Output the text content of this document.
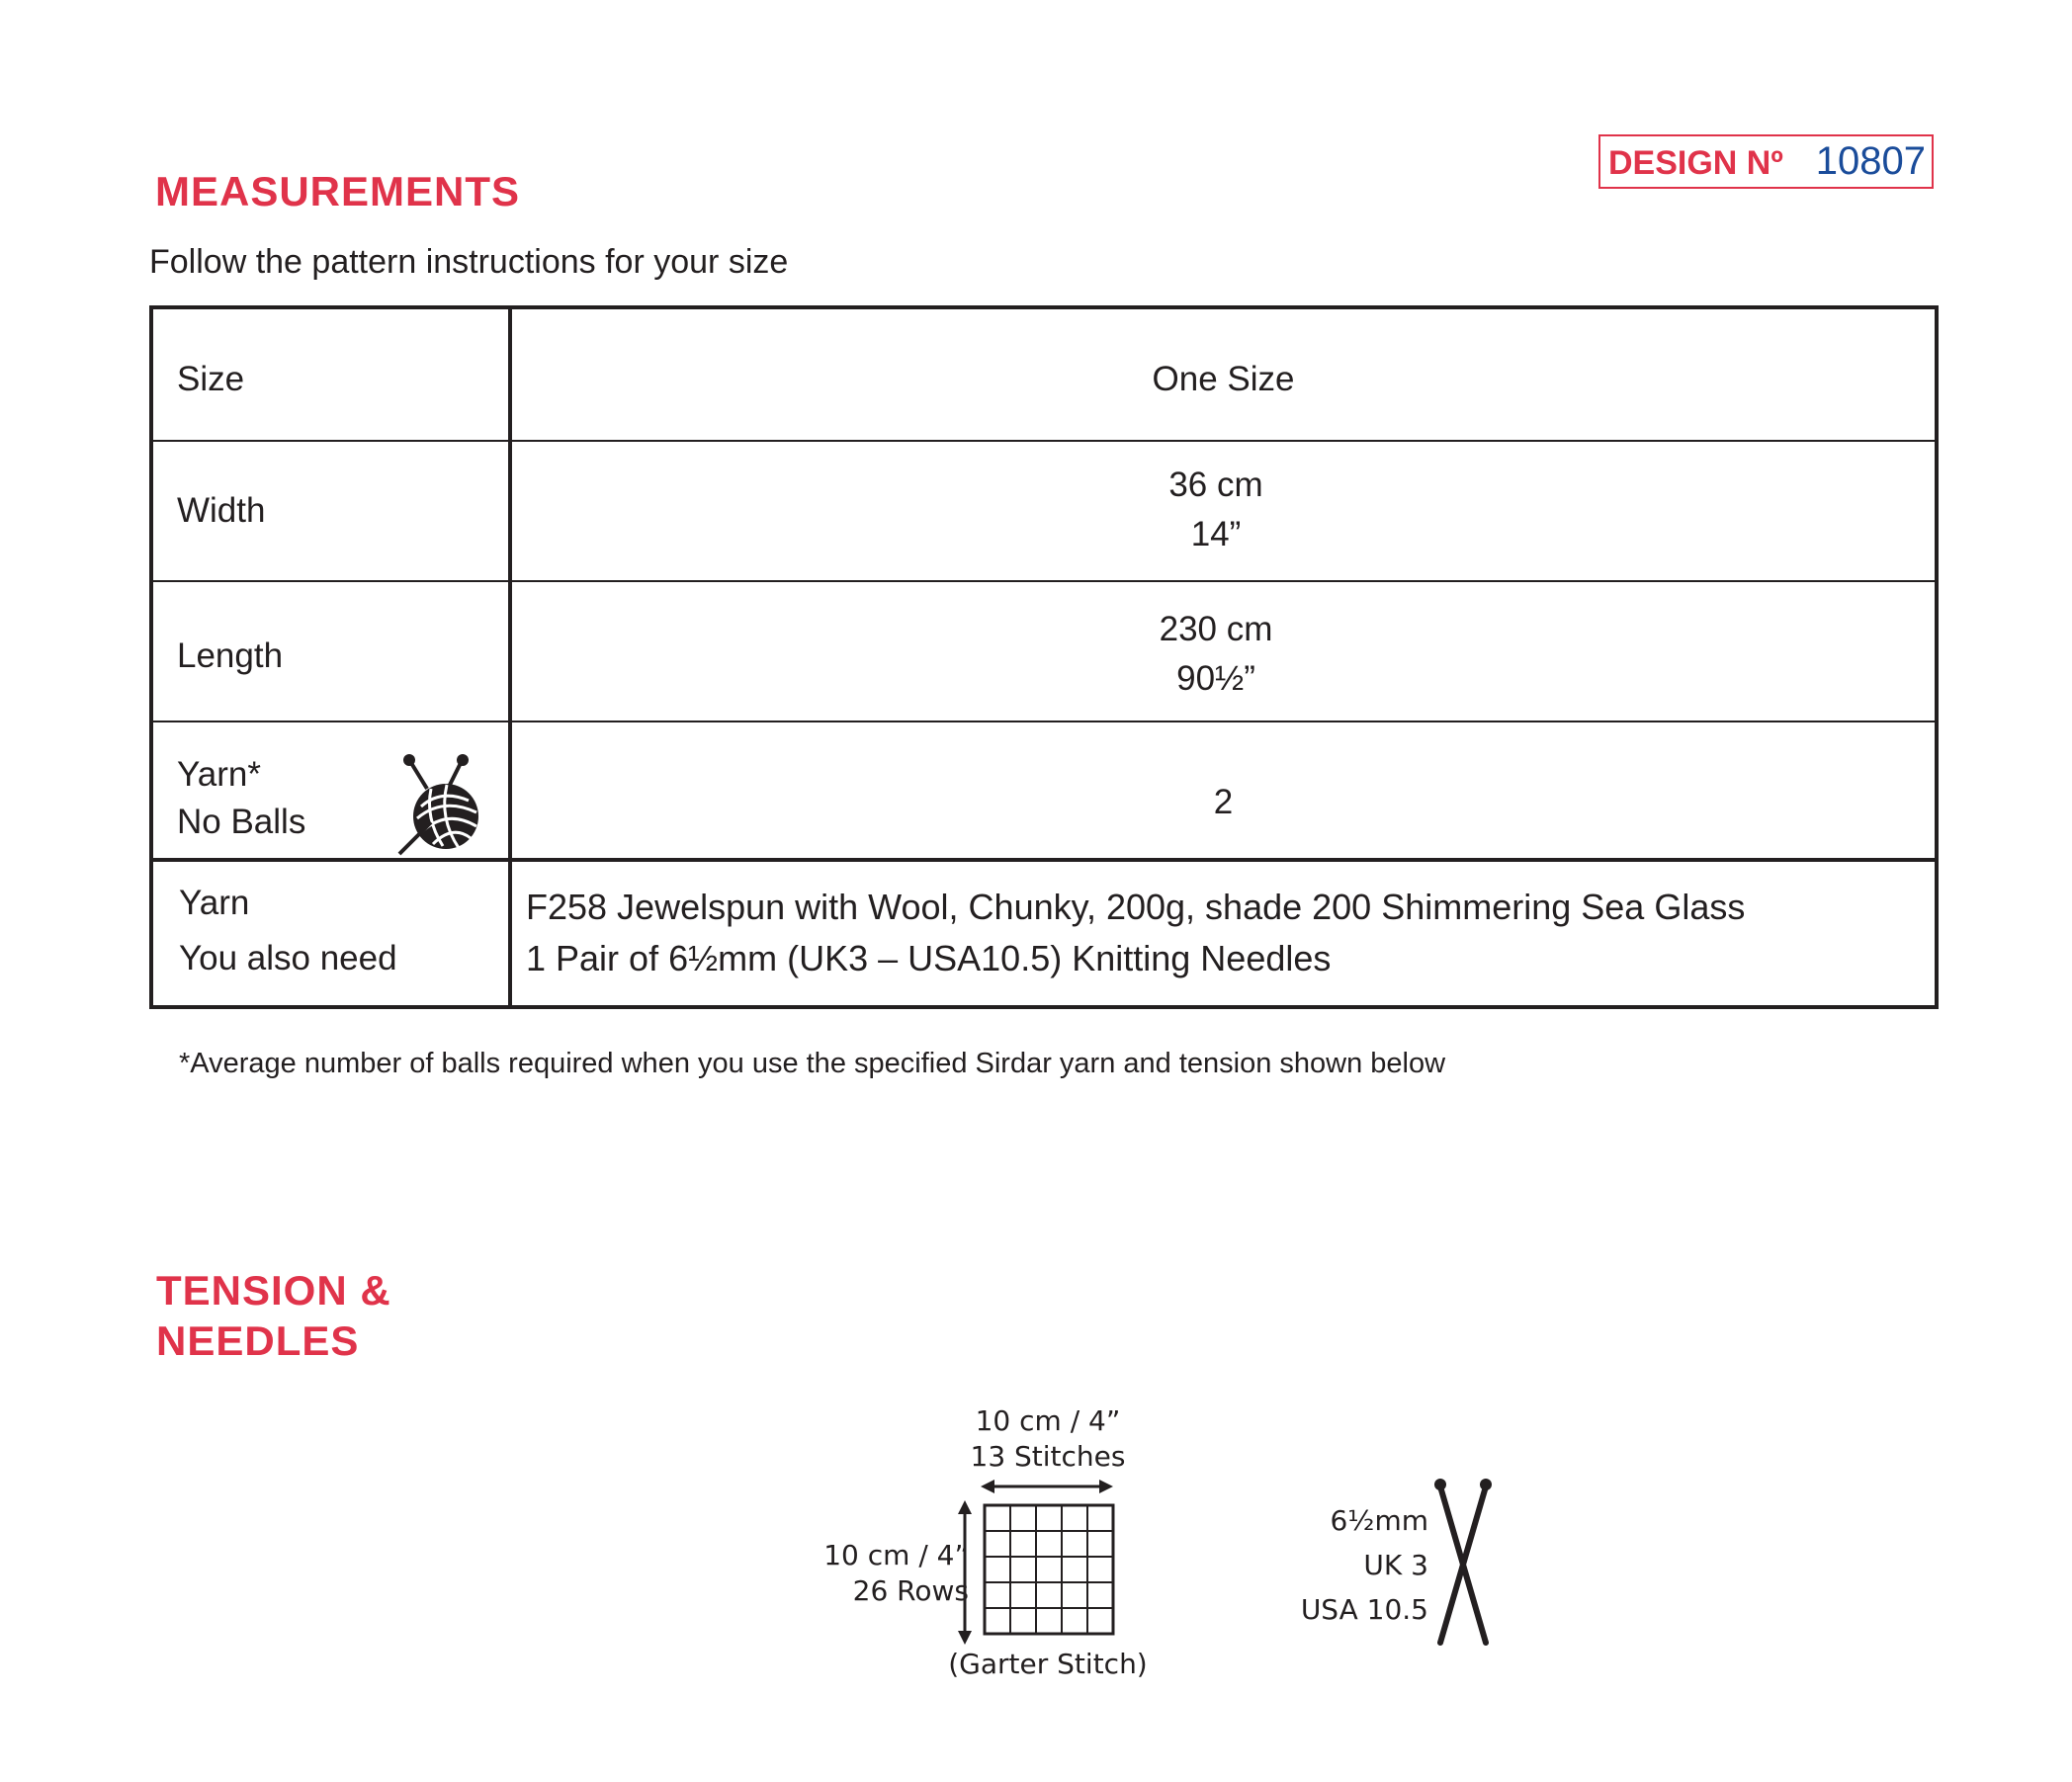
DESIGN Nº 10807
MEASUREMENTS
Follow the pattern instructions for your size
Size	One Size
Width
36 cm
14”
Length
230 cm
90½”
Yarn*
No Balls
2
Yarn
You also need
F258 Jewelspun with Wool, Chunky, 200g, shade 200 Shimmering Sea Glass
1 Pair of 6½mm (UK3 – USA10.5) Knitting Needles
*Average number of balls required when you use the specified Sirdar yarn and tension shown below
TENSION &
NEEDLES
10 cm / 4”
13 Stitches
10 cm / 4”
26 Rows
(Garter Stitch)
6½mm
UK 3
USA 10.5
